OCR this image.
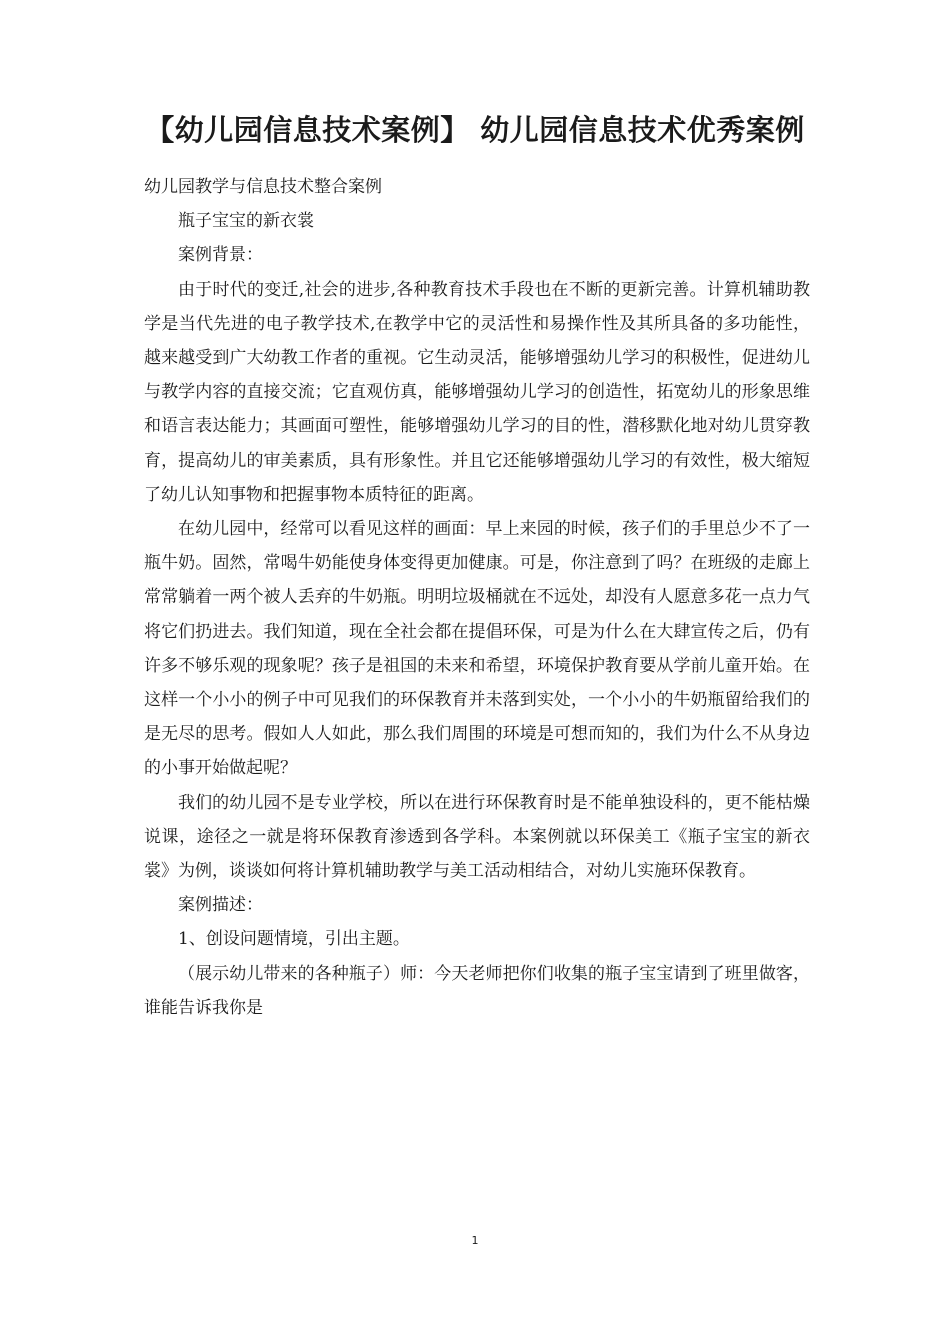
【幼儿园信息技术案例】 幼儿园信息技术优秀案例

幼儿园教学与信息技术整合案例

瓶子宝宝的新衣裳

案例背景：

由于时代的变迁,社会的进步,各种教育技术手段也在不断的更新完善。计算机辅助教学是当代先进的电子教学技术,在教学中它的灵活性和易操作性及其所具备的多功能性，越来越受到广大幼教工作者的重视。它生动灵活，能够增强幼儿学习的积极性，促进幼儿与教学内容的直接交流；它直观仿真，能够增强幼儿学习的创造性，拓宽幼儿的形象思维和语言表达能力；其画面可塑性，能够增强幼儿学习的目的性，潜移默化地对幼儿贯穿教育，提高幼儿的审美素质，具有形象性。并且它还能够增强幼儿学习的有效性，极大缩短了幼儿认知事物和把握事物本质特征的距离。

在幼儿园中，经常可以看见这样的画面：早上来园的时候，孩子们的手里总少不了一瓶牛奶。固然，常喝牛奶能使身体变得更加健康。可是，你注意到了吗？在班级的走廊上常常躺着一两个被人丢弃的牛奶瓶。明明垃圾桶就在不远处，却没有人愿意多花一点力气将它们扔进去。我们知道，现在全社会都在提倡环保，可是为什么在大肆宣传之后，仍有许多不够乐观的现象呢？孩子是祖国的未来和希望，环境保护教育要从学前儿童开始。在这样一个小小的例子中可见我们的环保教育并未落到实处，一个小小的牛奶瓶留给我们的是无尽的思考。假如人人如此，那么我们周围的环境是可想而知的，我们为什么不从身边的小事开始做起呢？

我们的幼儿园不是专业学校，所以在进行环保教育时是不能单独设科的，更不能枯燥说课，途径之一就是将环保教育渗透到各学科。本案例就以环保美工《瓶子宝宝的新衣裳》为例，谈谈如何将计算机辅助教学与美工活动相结合，对幼儿实施环保教育。

案例描述：

1、创设问题情境，引出主题。

（展示幼儿带来的各种瓶子）师：今天老师把你们收集的瓶子宝宝请到了班里做客，谁能告诉我你是

1
